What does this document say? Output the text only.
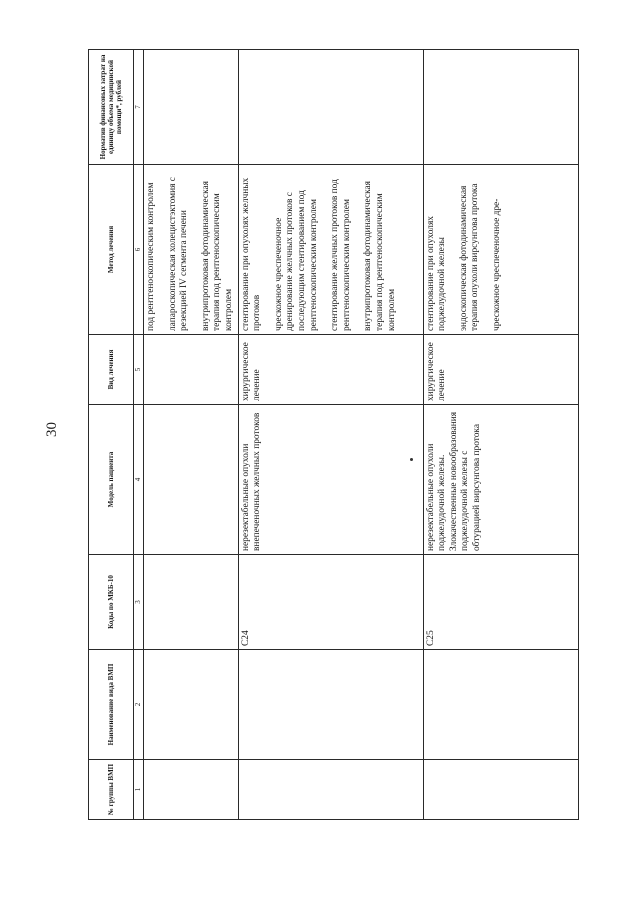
30
№ группы ВМП	Наименование вида ВМП	Коды по МКБ-10	Модель пациента	Вид лечения	Метод лечения	Норматив финансовых затрат на единицу объема медицинской помощи*, рублей
1	2	3	4	5	6	7

					под рентгеноскопическим контролем лапароскопическая холецистэктомия с резекцией IV сегмента печени внутрипротоковая фотодинамическая терапия под рентгеноскопическим контролем	

		C24	нерезектабельные опухоли внепеченочных желчных протоков	хирургическое лечение	стентирование при опухолях желчных протоков чрескожное чреспеченочное дренирование желчных протоков с последующим стентированием под рентгеноскопическим контролем стентирование желчных протоков под рентгеноскопическим контролем внутрипротоковая фотодинамическая терапия под рентгеноскопическим контролем	

		C25	нерезектабельные опухоли поджелудочной железы. Злокачественные новообразования поджелудочной железы с обтурацией вирсунгова протока	хирургическое лечение	стентирование при опухолях поджелудочной железы эндоскопическая фотодинамическая терапия опухоли вирсунгова протока чрескожное чреспеченочное дре-	
